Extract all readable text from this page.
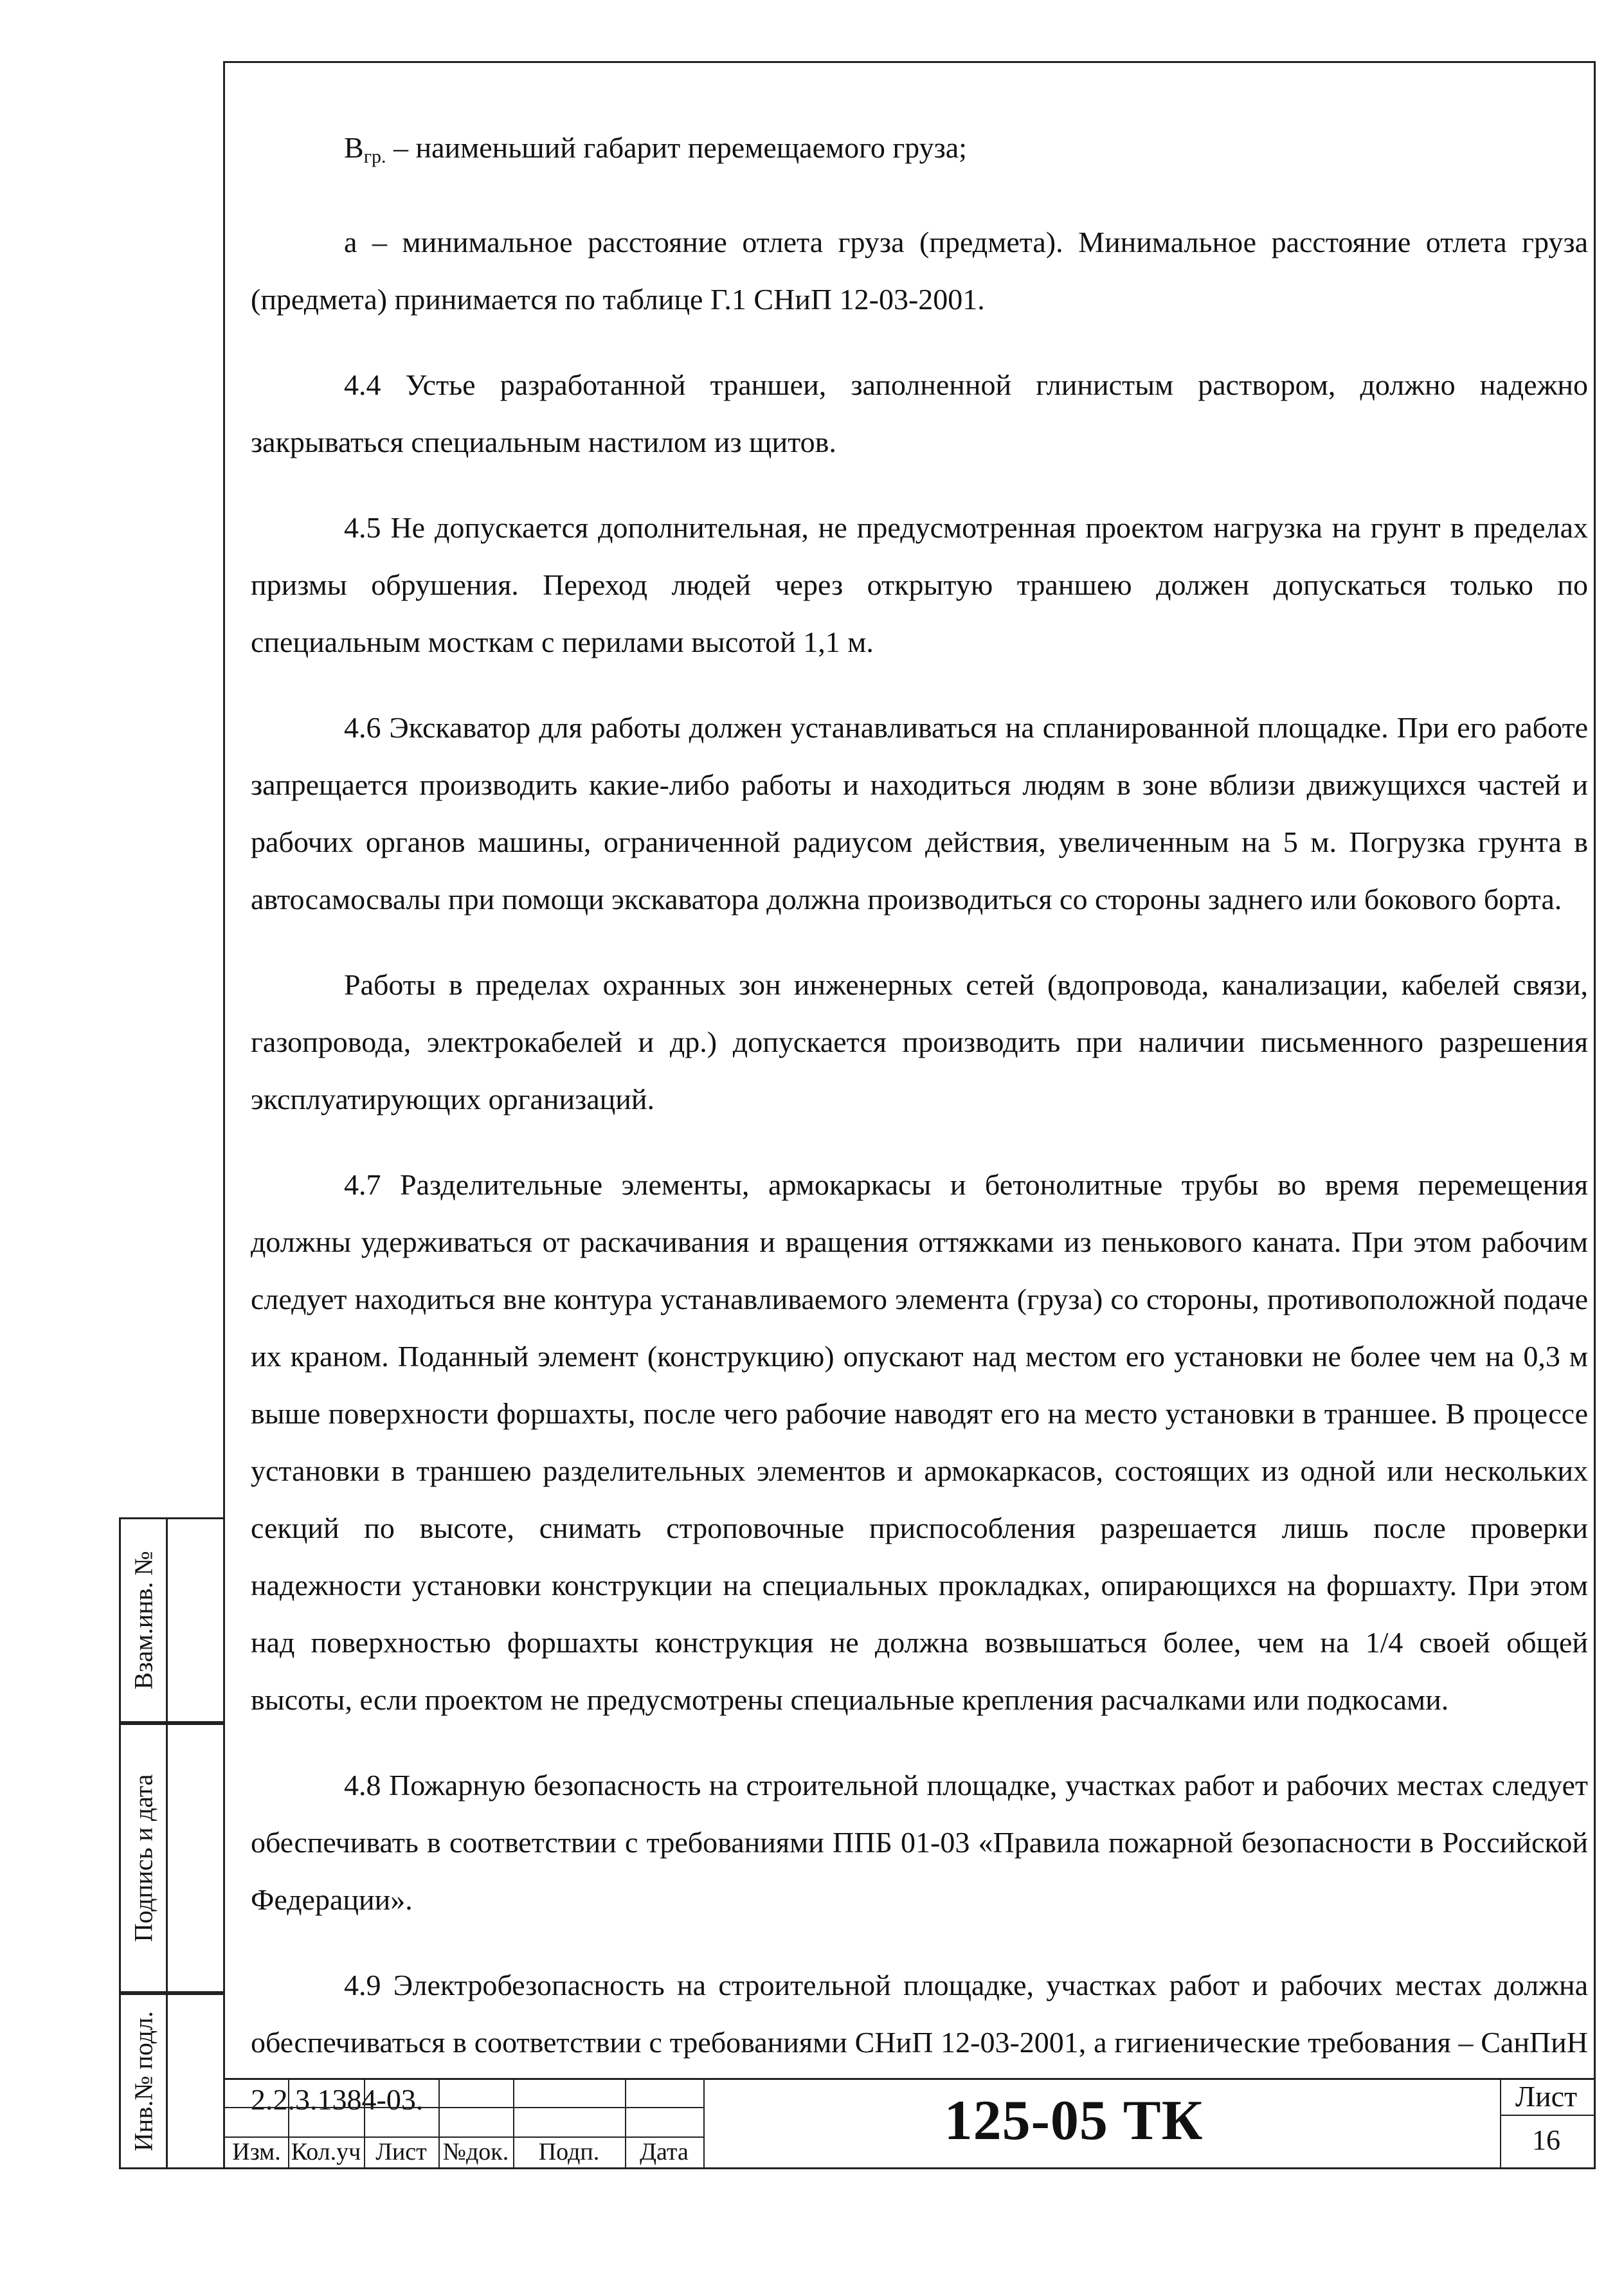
$B_{гр.}$ – наименьший габарит перемещаемого груза;

а – минимальное расстояние отлета груза (предмета). Минимальное расстояние отлета груза (предмета) принимается по таблице Г.1 СНиП 12-03-2001.

4.4 Устье разработанной траншеи, заполненной глинистым раствором, должно надежно закрываться специальным настилом из щитов.

4.5 Не допускается дополнительная, не предусмотренная проектом нагрузка на грунт в пределах призмы обрушения. Переход людей через открытую траншею должен допускаться только по специальным мосткам с перилами высотой 1,1 м.

4.6 Экскаватор для работы должен устанавливаться на спланированной площадке. При его работе запрещается производить какие-либо работы и находиться людям в зоне вблизи движущихся частей и рабочих органов машины, ограниченной радиусом действия, увеличенным на 5 м. Погрузка грунта в автосамосвалы при помощи экскаватора должна производиться со стороны заднего или бокового борта.

Работы в пределах охранных зон инженерных сетей (вдопровода, канализации, кабелей связи, газопровода, электрокабелей и др.) допускается производить при наличии письменного разрешения эксплуатирующих организаций.

4.7 Разделительные элементы, армокаркасы и бетонолитные трубы во время перемещения должны удерживаться от раскачивания и вращения оттяжками из пенькового каната. При этом рабочим следует находиться вне контура устанавливаемого элемента (груза) со стороны, противоположной подаче их краном. Поданный элемент (конструкцию) опускают над местом его установки не более чем на 0,3 м выше поверхности форшахты, после чего рабочие наводят его на место установки в траншее. В процессе установки в траншею разделительных элементов и армокаркасов, состоящих из одной или нескольких секций по высоте, снимать строповочные приспособления разрешается лишь после проверки надежности установки конструкции на специальных прокладках, опирающихся на форшахту. При этом над поверхностью форшахты конструкция не должна возвышаться более, чем на 1/4 своей общей высоты, если проектом не предусмотрены специальные крепления расчалками или подкосами.

4.8 Пожарную безопасность на строительной площадке, участках работ и рабочих местах следует обеспечивать в соответствии с требованиями ППБ 01-03 «Правила пожарной безопасности в Российской Федерации».

4.9 Электробезопасность на строительной площадке, участках работ и рабочих местах должна обеспечиваться в соответствии с требованиями СНиП 12-03-2001, а гигиенические требования – СанПиН 2.2.3.1384-03.

Взам.инв. №
Подпись и дата
Инв.№ подл.
Изм. Кол.уч Лист №док.	Подп.	Дата	125-05 ТК	Лист
16
